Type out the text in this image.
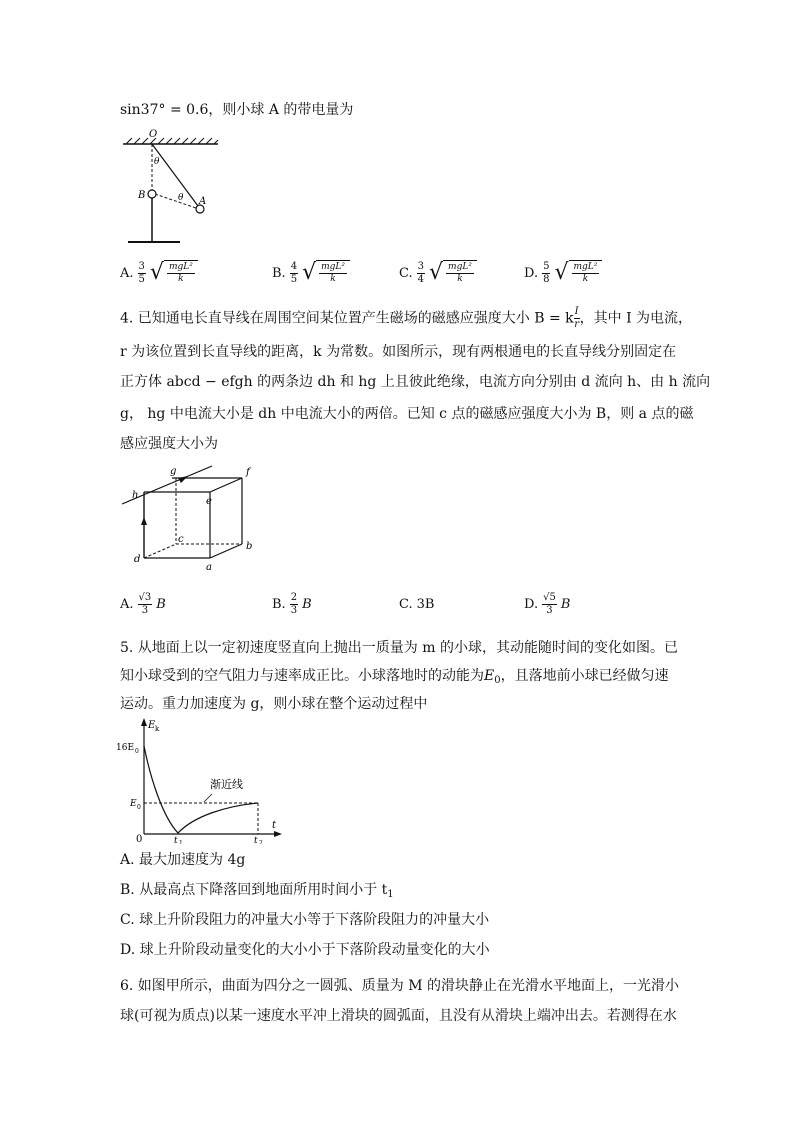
sin37° = 0.6，则小球 A 的带电量为
O
θ
θ
B
A
A. $\frac{3}{5}$ √ mgL²
k	B. $\frac{4}{5}$ √ mgL²
k	C. $\frac{3}{4}$ √ mgL²
k	D. $\frac{5}{8}$ √ mgL²
k
4. 已知通电长直导线在周围空间某位置产生磁场的磁感应强度大小 B = k $\frac{I}{r}$ ，其中 I 为电流，
r 为该位置到长直导线的距离，k 为常数。如图所示，现有两根通电的长直导线分别固定在
正方体 abcd − efgh 的两条边 dh 和 hg 上且彼此绝缘，电流方向分别由 d 流向 h、由 h 流向
g， hg 中电流大小是 dh 中电流大小的两倍。已知 c 点的磁感应强度大小为 B，则 a 点的磁
感应强度大小为
g	f
h
e
c
b
d
a
A. $\frac{√3}{3}$ B	B. $\frac{2}{3}$ B	C. 3B	D. $\frac{√5}{3}$ B
5. 从地面上以一定初速度竖直向上抛出一质量为 m 的小球，其动能随时间的变化如图。已
知小球受到的空气阻力与速率成正比。小球落地时的动能为$E_0$，且落地前小球已经做匀速
运动。重力加速度为 g，则小球在整个运动过程中
E k
16E 0
E 0
0	t 1	t 2
t
渐近线
A. 最大加速度为 4g
B. 从最高点下降落回到地面所用时间小于 $t_1$
C. 球上升阶段阻力的冲量大小等于下落阶段阻力的冲量大小
D. 球上升阶段动量变化的大小小于下落阶段动量变化的大小
6. 如图甲所示，曲面为四分之一圆弧、质量为 M 的滑块静止在光滑水平地面上，一光滑小
球(可视为质点)以某一速度水平冲上滑块的圆弧面，且没有从滑块上端冲出去。若测得在水
